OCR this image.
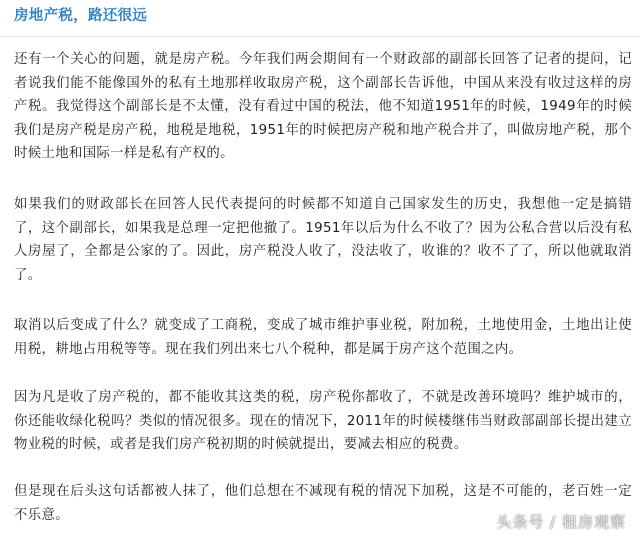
房地产税，路还很远

还有一个关心的问题，就是房产税。今年我们两会期间有一个财政部的副部长回答了记者的提问，记者说我们能不能像国外的私有土地那样收取房产税，这个副部长告诉他，中国从来没有收过这样的房产税。我觉得这个副部长是不太懂，没有看过中国的税法，他不知道1951年的时候，1949年的时候我们是房产税是房产税，地税是地税，1951年的时候把房产税和地产税合并了，叫做房地产税，那个时候土地和国际一样是私有产权的。

如果我们的财政部长在回答人民代表提问的时候都不知道自己国家发生的历史，我想他一定是搞错了，这个副部长，如果我是总理一定把他撤了。1951年以后为什么不收了？因为公私合营以后没有私人房屋了，全都是公家的了。因此，房产税没人收了，没法收了，收谁的？收不了了，所以他就取消了。

取消以后变成了什么？就变成了工商税，变成了城市维护事业税，附加税，土地使用金，土地出让使用税，耕地占用税等等。现在我们列出来七八个税种，都是属于房产这个范围之内。

因为凡是收了房产税的，都不能收其这类的税，房产税你都收了，不就是改善环境吗？维护城市的，你还能收绿化税吗？类似的情况很多。现在的情况下，2011年的时候楼继伟当财政部副部长提出建立物业税的时候，或者是我们房产税初期的时候就提出，要减去相应的税费。

但是现在后头这句话都被人抹了，他们总想在不减现有税的情况下加税，这是不可能的，老百姓一定不乐意。	头条号 / 租房观察
